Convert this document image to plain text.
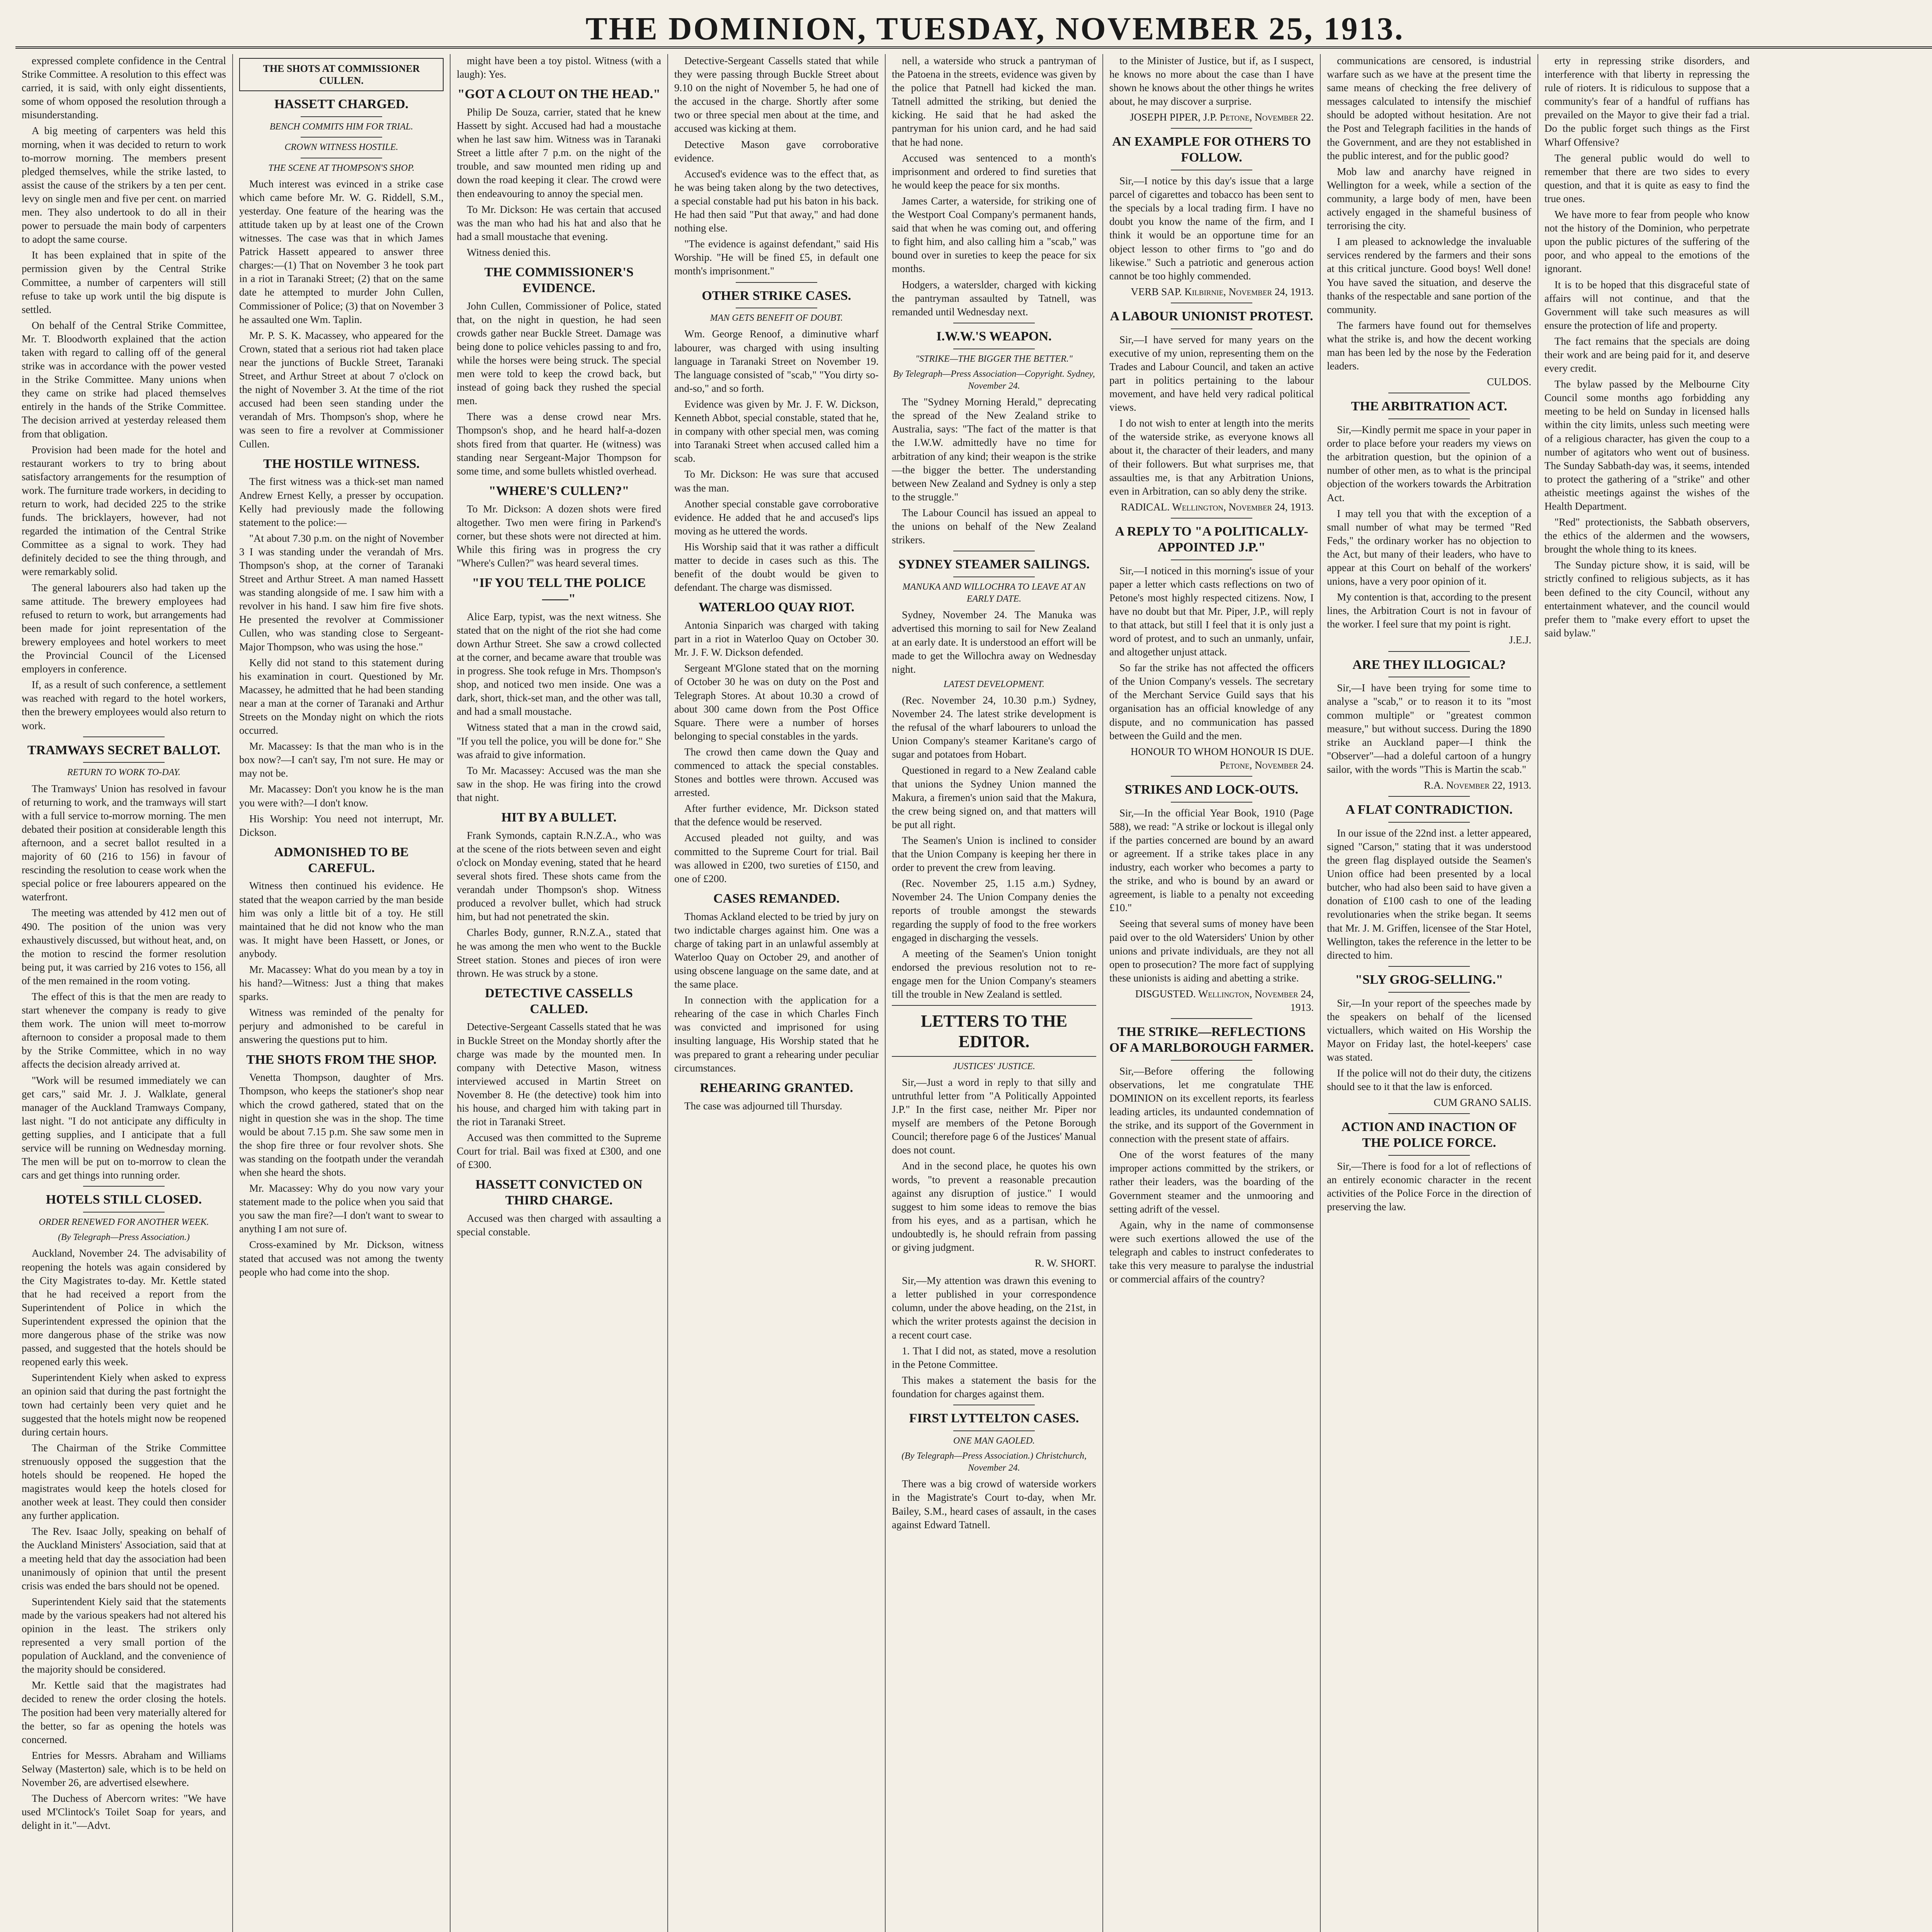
THE DOMINION, TUESDAY, NOVEMBER 25, 1913.

expressed complete confidence in the Central Strike Committee. A resolution to this effect was carried, it is said, with only eight dissentients, some of whom opposed the resolution through a misunderstanding.

A big meeting of carpenters was held this morning, when it was decided to return to work to-morrow morning. The members present pledged themselves, while the strike lasted, to assist the cause of the strikers by a ten per cent. levy on single men and five per cent. on married men. They also undertook to do all in their power to persuade the main body of carpenters to adopt the same course.

It has been explained that in spite of the permission given by the Central Strike Committee, a number of carpenters will still refuse to take up work until the big dispute is settled.

On behalf of the Central Strike Committee, Mr. T. Bloodworth explained that the action taken with regard to calling off of the general strike was in accordance with the power vested in the Strike Committee. Many unions when they came on strike had placed themselves entirely in the hands of the Strike Committee. The decision arrived at yesterday released them from that obligation.

Provision had been made for the hotel and restaurant workers to try to bring about satisfactory arrangements for the resumption of work. The furniture trade workers, in deciding to return to work, had decided 225 to the strike funds. The bricklayers, however, had not regarded the intimation of the Central Strike Committee as a signal to work. They had definitely decided to see the thing through, and were remarkably solid.

The general labourers also had taken up the same attitude. The brewery employees had refused to return to work, but arrangements had been made for joint representation of the brewery employees and hotel workers to meet the Provincial Council of the Licensed employers in conference.

If, as a result of such conference, a settlement was reached with regard to the hotel workers, then the brewery employees would also return to work.

TRAMWAYS SECRET BALLOT.
RETURN TO WORK TO-DAY.

The Tramways' Union has resolved in favour of returning to work, and the tramways will start with a full service to-morrow morning. The men debated their position at considerable length this afternoon, and a secret ballot resulted in a majority of 60 (216 to 156) in favour of rescinding the resolution to cease work when the special police or free labourers appeared on the waterfront.

The meeting was attended by 412 men out of 490. The position of the union was very exhaustively discussed, but without heat, and, on the motion to rescind the former resolution being put, it was carried by 216 votes to 156, all of the men remained in the room voting.

The effect of this is that the men are ready to start whenever the company is ready to give them work. The union will meet to-morrow afternoon to consider a proposal made to them by the Strike Committee, which in no way affects the decision already arrived at.

"Work will be resumed immediately we can get cars," said Mr. J. J. Walklate, general manager of the Auckland Tramways Company, last night. "I do not anticipate any difficulty in getting supplies, and I anticipate that a full service will be running on Wednesday morning. The men will be put on to-morrow to clean the cars and get things into running order.

HOTELS STILL CLOSED.
ORDER RENEWED FOR ANOTHER WEEK.
(By Telegraph—Press Association.)

Auckland, November 24. The advisability of reopening the hotels was again considered by the City Magistrates to-day. Mr. Kettle stated that he had received a report from the Superintendent of Police in which the Superintendent expressed the opinion that the more dangerous phase of the strike was now passed, and suggested that the hotels should be reopened early this week.

Superintendent Kiely when asked to express an opinion said that during the past fortnight the town had certainly been very quiet and he suggested that the hotels might now be reopened during certain hours.

The Chairman of the Strike Committee strenuously opposed the suggestion that the hotels should be reopened. He hoped the magistrates would keep the hotels closed for another week at least. They could then consider any further application.

The Rev. Isaac Jolly, speaking on behalf of the Auckland Ministers' Association, said that at a meeting held that day the association had been unanimously of opinion that until the present crisis was ended the bars should not be opened.

Superintendent Kiely said that the statements made by the various speakers had not altered his opinion in the least. The strikers only represented a very small portion of the population of Auckland, and the convenience of the majority should be considered.

Mr. Kettle said that the magistrates had decided to renew the order closing the hotels. The position had been very materially altered for the better, so far as opening the hotels was concerned.

Entries for Messrs. Abraham and Williams Selway (Masterton) sale, which is to be held on November 26, are advertised elsewhere.

The Duchess of Abercorn writes: "We have used M'Clintock's Toilet Soap for years, and delight in it."—Advt.

THE SHOTS AT COMMISSIONER CULLEN.
HASSETT CHARGED.
BENCH COMMITS HIM FOR TRIAL.
CROWN WITNESS HOSTILE.
THE SCENE AT THOMPSON'S SHOP.

Much interest was evinced in a strike case which came before Mr. W. G. Riddell, S.M., yesterday. One feature of the hearing was the attitude taken up by at least one of the Crown witnesses. The case was that in which James Patrick Hassett appeared to answer three charges:—(1) That on November 3 he took part in a riot in Taranaki Street; (2) that on the same date he attempted to murder John Cullen, Commissioner of Police; (3) that on November 3 he assaulted one Wm. Taplin.

Mr. P. S. K. Macassey, who appeared for the Crown, stated that a serious riot had taken place near the junctions of Buckle Street, Taranaki Street, and Arthur Street at about 7 o'clock on the night of November 3. At the time of the riot accused had been seen standing under the verandah of Mrs. Thompson's shop, where he was seen to fire a revolver at Commissioner Cullen.

THE HOSTILE WITNESS.

The first witness was a thick-set man named Andrew Ernest Kelly, a presser by occupation. Kelly had previously made the following statement to the police:—

"At about 7.30 p.m. on the night of November 3 I was standing under the verandah of Mrs. Thompson's shop, at the corner of Taranaki Street and Arthur Street. A man named Hassett was standing alongside of me. I saw him with a revolver in his hand. I saw him fire five shots. He presented the revolver at Commissioner Cullen, who was standing close to Sergeant-Major Thompson, who was using the hose."

Kelly did not stand to this statement during his examination in court. Questioned by Mr. Macassey, he admitted that he had been standing near a man at the corner of Taranaki and Arthur Streets on the Monday night on which the riots occurred.

Mr. Macassey: Is that the man who is in the box now?—I can't say, I'm not sure. He may or may not be.

Mr. Macassey: Don't you know he is the man you were with?—I don't know.

His Worship: You need not interrupt, Mr. Dickson.

ADMONISHED TO BE CAREFUL.

Witness then continued his evidence. He stated that the weapon carried by the man beside him was only a little bit of a toy. He still maintained that he did not know who the man was. It might have been Hassett, or Jones, or anybody.

Mr. Macassey: What do you mean by a toy in his hand?—Witness: Just a thing that makes sparks.

Witness was reminded of the penalty for perjury and admonished to be careful in answering the questions put to him.

THE SHOTS FROM THE SHOP.

Venetta Thompson, daughter of Mrs. Thompson, who keeps the stationer's shop near which the crowd gathered, stated that on the night in question she was in the shop. The time would be about 7.15 p.m. She saw some men in the shop fire three or four revolver shots. She was standing on the footpath under the verandah when she heard the shots.

Mr. Macassey: Why do you now vary your statement made to the police when you said that you saw the man fire?—I don't want to swear to anything I am not sure of.

Cross-examined by Mr. Dickson, witness stated that accused was not among the twenty people who had come into the shop.

might have been a toy pistol. Witness (with a laugh): Yes.

"GOT A CLOUT ON THE HEAD."

Philip De Souza, carrier, stated that he knew Hassett by sight. Accused had had a moustache when he last saw him. Witness was in Taranaki Street a little after 7 p.m. on the night of the trouble, and saw mounted men riding up and down the road keeping it clear. The crowd were then endeavouring to annoy the special men.

To Mr. Dickson: He was certain that accused was the man who had his hat and also that he had a small moustache that evening.

Witness denied this.

THE COMMISSIONER'S EVIDENCE.

John Cullen, Commissioner of Police, stated that, on the night in question, he had seen crowds gather near Buckle Street. Damage was being done to police vehicles passing to and fro, while the horses were being struck. The special men were told to keep the crowd back, but instead of going back they rushed the special men.

There was a dense crowd near Mrs. Thompson's shop, and he heard half-a-dozen shots fired from that quarter. He (witness) was standing near Sergeant-Major Thompson for some time, and some bullets whistled overhead.

"WHERE'S CULLEN?"

To Mr. Dickson: A dozen shots were fired altogether. Two men were firing in Parkend's corner, but these shots were not directed at him. While this firing was in progress the cry "Where's Cullen?" was heard several times.

"IF YOU TELL THE POLICE ——"

Alice Earp, typist, was the next witness. She stated that on the night of the riot she had come down Arthur Street. She saw a crowd collected at the corner, and became aware that trouble was in progress. She took refuge in Mrs. Thompson's shop, and noticed two men inside. One was a dark, short, thick-set man, and the other was tall, and had a small moustache.

Witness stated that a man in the crowd said, "If you tell the police, you will be done for." She was afraid to give information.

To Mr. Macassey: Accused was the man she saw in the shop. He was firing into the crowd that night.

HIT BY A BULLET.

Frank Symonds, captain R.N.Z.A., who was at the scene of the riots between seven and eight o'clock on Monday evening, stated that he heard several shots fired. These shots came from the verandah under Thompson's shop. Witness produced a revolver bullet, which had struck him, but had not penetrated the skin.

Charles Body, gunner, R.N.Z.A., stated that he was among the men who went to the Buckle Street station. Stones and pieces of iron were thrown. He was struck by a stone.

DETECTIVE CASSELLS CALLED.

Detective-Sergeant Cassells stated that he was in Buckle Street on the Monday shortly after the charge was made by the mounted men. In company with Detective Mason, witness interviewed accused in Martin Street on November 8. He (the detective) took him into his house, and charged him with taking part in the riot in Taranaki Street.

Accused was then committed to the Supreme Court for trial. Bail was fixed at £300, and one of £300.

HASSETT CONVICTED ON THIRD CHARGE.

Accused was then charged with assaulting a special constable.

Detective-Sergeant Cassells stated that while they were passing through Buckle Street about 9.10 on the night of November 5, he had one of the accused in the charge. Shortly after some two or three special men about at the time, and accused was kicking at them.

Detective Mason gave corroborative evidence.

Accused's evidence was to the effect that, as he was being taken along by the two detectives, a special constable had put his baton in his back. He had then said "Put that away," and had done nothing else.

"The evidence is against defendant," said His Worship. "He will be fined £5, in default one month's imprisonment."

OTHER STRIKE CASES.
MAN GETS BENEFIT OF DOUBT.

Wm. George Renoof, a diminutive wharf labourer, was charged with using insulting language in Taranaki Street on November 19. The language consisted of "scab," "You dirty so-and-so," and so forth.

Evidence was given by Mr. J. F. W. Dickson, Kenneth Abbot, special constable, stated that he, in company with other special men, was coming into Taranaki Street when accused called him a scab.

To Mr. Dickson: He was sure that accused was the man.

Another special constable gave corroborative evidence. He added that he and accused's lips moving as he uttered the words.

His Worship said that it was rather a difficult matter to decide in cases such as this. The benefit of the doubt would be given to defendant. The charge was dismissed.

WATERLOO QUAY RIOT.

Antonia Sinparich was charged with taking part in a riot in Waterloo Quay on October 30. Mr. J. F. W. Dickson defended.

Sergeant M'Glone stated that on the morning of October 30 he was on duty on the Post and Telegraph Stores. At about 10.30 a crowd of about 300 came down from the Post Office Square. There were a number of horses belonging to special constables in the yards.

The crowd then came down the Quay and commenced to attack the special constables. Stones and bottles were thrown. Accused was arrested.

After further evidence, Mr. Dickson stated that the defence would be reserved.

Accused pleaded not guilty, and was committed to the Supreme Court for trial. Bail was allowed in £200, two sureties of £150, and one of £200.

CASES REMANDED.

Thomas Ackland elected to be tried by jury on two indictable charges against him. One was a charge of taking part in an unlawful assembly at Waterloo Quay on October 29, and another of using obscene language on the same date, and at the same place.

In connection with the application for a rehearing of the case in which Charles Finch was convicted and imprisoned for using insulting language, His Worship stated that he was prepared to grant a rehearing under peculiar circumstances.

REHEARING GRANTED.

The case was adjourned till Thursday.

nell, a waterside who struck a pantryman of the Patoena in the streets, evidence was given by the police that Patnell had kicked the man. Tatnell admitted the striking, but denied the kicking. He said that he had asked the pantryman for his union card, and he had said that he had none.

Accused was sentenced to a month's imprisonment and ordered to find sureties that he would keep the peace for six months.

James Carter, a waterside, for striking one of the Westport Coal Company's permanent hands, said that when he was coming out, and offering to fight him, and also calling him a "scab," was bound over in sureties to keep the peace for six months.

Hodgers, a waterslder, charged with kicking the pantryman assaulted by Tatnell, was remanded until Wednesday next.

I.W.W.'S WEAPON.
"STRIKE—THE BIGGER THE BETTER."
By Telegraph—Press Association—Copyright. Sydney, November 24.

The "Sydney Morning Herald," deprecating the spread of the New Zealand strike to Australia, says: "The fact of the matter is that the I.W.W. admittedly have no time for arbitration of any kind; their weapon is the strike—the bigger the better. The understanding between New Zealand and Sydney is only a step to the struggle."

The Labour Council has issued an appeal to the unions on behalf of the New Zealand strikers.

SYDNEY STEAMER SAILINGS.
MANUKA AND WILLOCHRA TO LEAVE AT AN EARLY DATE.

Sydney, November 24. The Manuka was advertised this morning to sail for New Zealand at an early date. It is understood an effort will be made to get the Willochra away on Wednesday night.

LATEST DEVELOPMENT.

(Rec. November 24, 10.30 p.m.) Sydney, November 24. The latest strike development is the refusal of the wharf labourers to unload the Union Company's steamer Karitane's cargo of sugar and potatoes from Hobart.

Questioned in regard to a New Zealand cable that unions the Sydney Union manned the Makura, a firemen's union said that the Makura, the crew being signed on, and that matters will be put all right.

The Seamen's Union is inclined to consider that the Union Company is keeping her there in order to prevent the crew from leaving.

(Rec. November 25, 1.15 a.m.) Sydney, November 24. The Union Company denies the reports of trouble amongst the stewards regarding the supply of food to the free workers engaged in discharging the vessels.

A meeting of the Seamen's Union tonight endorsed the previous resolution not to re-engage men for the Union Company's steamers till the trouble in New Zealand is settled.

LETTERS TO THE EDITOR.
JUSTICES' JUSTICE.

Sir,—Just a word in reply to that silly and untruthful letter from "A Politically Appointed J.P." In the first case, neither Mr. Piper nor myself are members of the Petone Borough Council; therefore page 6 of the Justices' Manual does not count.

And in the second place, he quotes his own words, "to prevent a reasonable precaution against any disruption of justice." I would suggest to him some ideas to remove the bias from his eyes, and as a partisan, which he undoubtedly is, he should refrain from passing or giving judgment.

R. W. SHORT.

Sir,—My attention was drawn this evening to a letter published in your correspondence column, under the above heading, on the 21st, in which the writer protests against the decision in a recent court case.

1. That I did not, as stated, move a resolution in the Petone Committee.

This makes a statement the basis for the foundation for charges against them.

FIRST LYTTELTON CASES.
ONE MAN GAOLED.
(By Telegraph—Press Association.) Christchurch, November 24.

There was a big crowd of waterside workers in the Magistrate's Court to-day, when Mr. Bailey, S.M., heard cases of assault, in the cases against Edward Tatnell.

to the Minister of Justice, but if, as I suspect, he knows no more about the case than I have shown he knows about the other things he writes about, he may discover a surprise.

JOSEPH PIPER, J.P. Petone, November 22.
AN EXAMPLE FOR OTHERS TO FOLLOW.

Sir,—I notice by this day's issue that a large parcel of cigarettes and tobacco has been sent to the specials by a local trading firm. I have no doubt you know the name of the firm, and I think it would be an opportune time for an object lesson to other firms to "go and do likewise." Such a patriotic and generous action cannot be too highly commended.

VERB SAP. Kilbirnie, November 24, 1913.
A LABOUR UNIONIST PROTEST.

Sir,—I have served for many years on the executive of my union, representing them on the Trades and Labour Council, and taken an active part in politics pertaining to the labour movement, and have held very radical political views.

I do not wish to enter at length into the merits of the waterside strike, as everyone knows all about it, the character of their leaders, and many of their followers. But what surprises me, that assaulties me, is that any Arbitration Unions, even in Arbitration, can so ably deny the strike.

RADICAL. Wellington, November 24, 1913.
A REPLY TO "A POLITICALLY-APPOINTED J.P."

Sir,—I noticed in this morning's issue of your paper a letter which casts reflections on two of Petone's most highly respected citizens. Now, I have no doubt but that Mr. Piper, J.P., will reply to that attack, but still I feel that it is only just a word of protest, and to such an unmanly, unfair, and altogether unjust attack.

So far the strike has not affected the officers of the Union Company's vessels. The secretary of the Merchant Service Guild says that his organisation has an official knowledge of any dispute, and no communication has passed between the Guild and the men.

HONOUR TO WHOM HONOUR IS DUE. Petone, November 24.
STRIKES AND LOCK-OUTS.

Sir,—In the official Year Book, 1910 (Page 588), we read: "A strike or lockout is illegal only if the parties concerned are bound by an award or agreement. If a strike takes place in any industry, each worker who becomes a party to the strike, and who is bound by an award or agreement, is liable to a penalty not exceeding £10."

Seeing that several sums of money have been paid over to the old Watersiders' Union by other unions and private individuals, are they not all open to prosecution? The more fact of supplying these unionists is aiding and abetting a strike.

DISGUSTED. Wellington, November 24, 1913.
THE STRIKE—REFLECTIONS OF A MARLBOROUGH FARMER.

Sir,—Before offering the following observations, let me congratulate THE DOMINION on its excellent reports, its fearless leading articles, its undaunted condemnation of the strike, and its support of the Government in connection with the present state of affairs.

One of the worst features of the many improper actions committed by the strikers, or rather their leaders, was the boarding of the Government steamer and the unmooring and setting adrift of the vessel.

Again, why in the name of commonsense were such exertions allowed the use of the telegraph and cables to instruct confederates to take this very measure to paralyse the industrial or commercial affairs of the country?

communications are censored, is industrial warfare such as we have at the present time the same means of checking the free delivery of messages calculated to intensify the mischief should be adopted without hesitation. Are not the Post and Telegraph facilities in the hands of the Government, and are they not established in the public interest, and for the public good?

Mob law and anarchy have reigned in Wellington for a week, while a section of the community, a large body of men, have been actively engaged in the shameful business of terrorising the city.

I am pleased to acknowledge the invaluable services rendered by the farmers and their sons at this critical juncture. Good boys! Well done! You have saved the situation, and deserve the thanks of the respectable and sane portion of the community.

The farmers have found out for themselves what the strike is, and how the decent working man has been led by the nose by the Federation leaders.

CULDOS.
THE ARBITRATION ACT.

Sir,—Kindly permit me space in your paper in order to place before your readers my views on the arbitration question, but the opinion of a number of other men, as to what is the principal objection of the workers towards the Arbitration Act.

I may tell you that with the exception of a small number of what may be termed "Red Feds," the ordinary worker has no objection to the Act, but many of their leaders, who have to appear at this Court on behalf of the workers' unions, have a very poor opinion of it.

My contention is that, according to the present lines, the Arbitration Court is not in favour of the worker. I feel sure that my point is right.

J.E.J.
ARE THEY ILLOGICAL?

Sir,—I have been trying for some time to analyse a "scab," or to reason it to its "most common multiple" or "greatest common measure," but without success. During the 1890 strike an Auckland paper—I think the "Observer"—had a doleful cartoon of a hungry sailor, with the words "This is Martin the scab."

R.A. November 22, 1913.
A FLAT CONTRADICTION.

In our issue of the 22nd inst. a letter appeared, signed "Carson," stating that it was understood the green flag displayed outside the Seamen's Union office had been presented by a local butcher, who had also been said to have given a donation of £100 cash to one of the leading revolutionaries when the strike began. It seems that Mr. J. M. Griffen, licensee of the Star Hotel, Wellington, takes the reference in the letter to be directed to him.

"SLY GROG-SELLING."

Sir,—In your report of the speeches made by the speakers on behalf of the licensed victuallers, which waited on His Worship the Mayor on Friday last, the hotel-keepers' case was stated.

If the police will not do their duty, the citizens should see to it that the law is enforced.

CUM GRANO SALIS.
ACTION AND INACTION OF THE POLICE FORCE.

Sir,—There is food for a lot of reflections of an entirely economic character in the recent activities of the Police Force in the direction of preserving the law.

erty in repressing strike disorders, and interference with that liberty in repressing the rule of rioters. It is ridiculous to suppose that a community's fear of a handful of ruffians has prevailed on the Mayor to give their fad a trial. Do the public forget such things as the First Wharf Offensive?

The general public would do well to remember that there are two sides to every question, and that it is quite as easy to find the true ones.

We have more to fear from people who know not the history of the Dominion, who perpetrate upon the public pictures of the suffering of the poor, and who appeal to the emotions of the ignorant.

It is to be hoped that this disgraceful state of affairs will not continue, and that the Government will take such measures as will ensure the protection of life and property.

The fact remains that the specials are doing their work and are being paid for it, and deserve every credit.

The bylaw passed by the Melbourne City Council some months ago forbidding any meeting to be held on Sunday in licensed halls within the city limits, unless such meeting were of a religious character, has given the coup to a number of agitators who went out of business. The Sunday Sabbath-day was, it seems, intended to protect the gathering of a "strike" and other atheistic meetings against the wishes of the Health Department.

"Red" protectionists, the Sabbath observers, the ethics of the aldermen and the wowsers, brought the whole thing to its knees.

The Sunday picture show, it is said, will be strictly confined to religious subjects, as it has been defined to the city Council, without any entertainment whatever, and the council would prefer them to "make every effort to upset the said bylaw."
